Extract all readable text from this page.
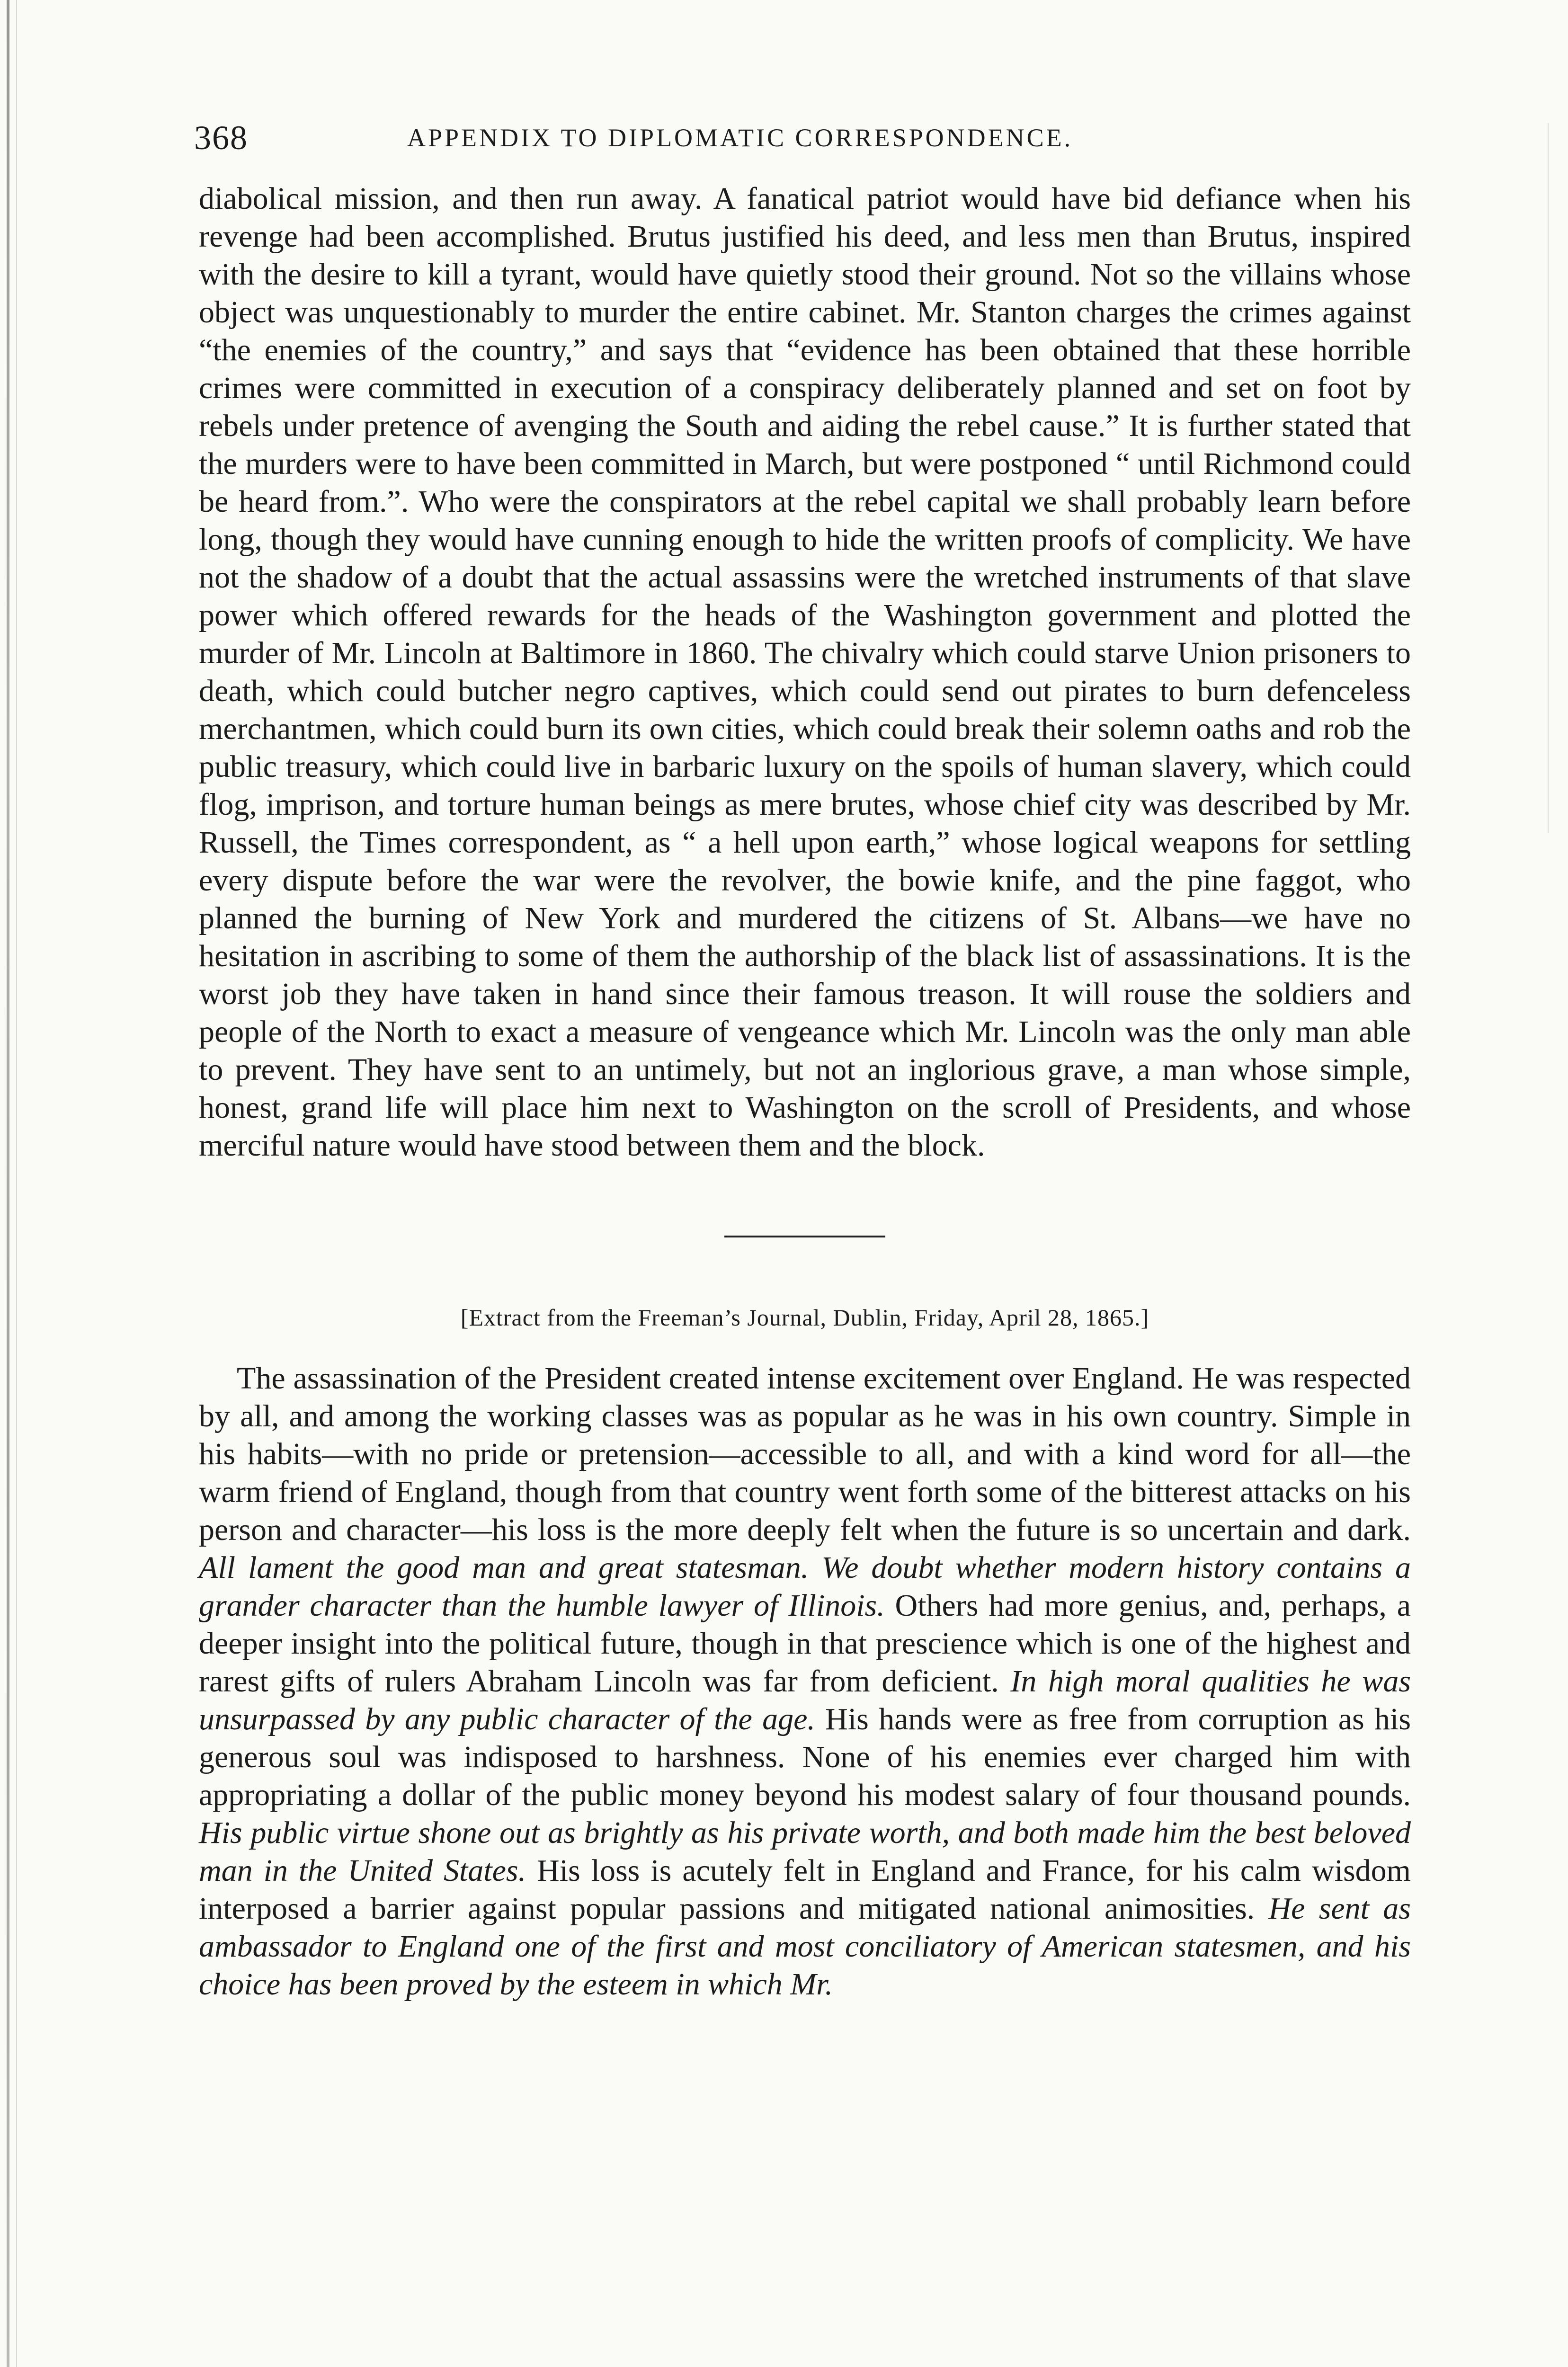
368	APPENDIX TO DIPLOMATIC CORRESPONDENCE.

diabolical mission, and then run away. A fanatical patriot would have bid defiance when his revenge had been accomplished. Brutus justified his deed, and less men than Brutus, inspired with the desire to kill a tyrant, would have quietly stood their ground. Not so the villains whose object was unquestionably to murder the entire cabinet. Mr. Stanton charges the crimes against “the enemies of the country,” and says that “evidence has been obtained that these horrible crimes were committed in execution of a conspiracy deliberately planned and set on foot by rebels under pretence of avenging the South and aiding the rebel cause.” It is further stated that the murders were to have been committed in March, but were postponed “ until Richmond could be heard from.”. Who were the conspirators at the rebel capital we shall probably learn before long, though they would have cunning enough to hide the written proofs of complicity. We have not the shadow of a doubt that the actual assassins were the wretched instruments of that slave power which offered rewards for the heads of the Washington government and plotted the murder of Mr. Lincoln at Baltimore in 1860. The chivalry which could starve Union prisoners to death, which could butcher negro captives, which could send out pirates to burn defenceless merchantmen, which could burn its own cities, which could break their solemn oaths and rob the public treasury, which could live in barbaric luxury on the spoils of human slavery, which could flog, imprison, and torture human beings as mere brutes, whose chief city was described by Mr. Russell, the Times correspondent, as “ a hell upon earth,” whose logical weapons for settling every dispute before the war were the revolver, the bowie knife, and the pine faggot, who planned the burning of New York and murdered the citizens of St. Albans—we have no hesitation in ascribing to some of them the authorship of the black list of assassinations. It is the worst job they have taken in hand since their famous treason. It will rouse the soldiers and people of the North to exact a measure of vengeance which Mr. Lincoln was the only man able to prevent. They have sent to an untimely, but not an inglorious grave, a man whose simple, honest, grand life will place him next to Washington on the scroll of Presidents, and whose merciful nature would have stood between them and the block.

[Extract from the Freeman’s Journal, Dublin, Friday, April 28, 1865.]

The assassination of the President created intense excitement over England. He was respected by all, and among the working classes was as popular as he was in his own country. Simple in his habits—with no pride or pretension—accessible to all, and with a kind word for all—the warm friend of England, though from that country went forth some of the bitterest attacks on his person and character—his loss is the more deeply felt when the future is so uncertain and dark. All lament the good man and great statesman. We doubt whether modern history contains a grander character than the humble lawyer of Illinois. Others had more genius, and, perhaps, a deeper insight into the political future, though in that prescience which is one of the highest and rarest gifts of rulers Abraham Lincoln was far from deficient. In high moral qualities he was unsurpassed by any public character of the age. His hands were as free from corruption as his generous soul was indisposed to harshness. None of his enemies ever charged him with appropriating a dollar of the public money beyond his modest salary of four thousand pounds. His public virtue shone out as brightly as his private worth, and both made him the best beloved man in the United States. His loss is acutely felt in England and France, for his calm wisdom interposed a barrier against popular passions and mitigated national animosities. He sent as ambassador to England one of the first and most conciliatory of American statesmen, and his choice has been proved by the esteem in which Mr.
